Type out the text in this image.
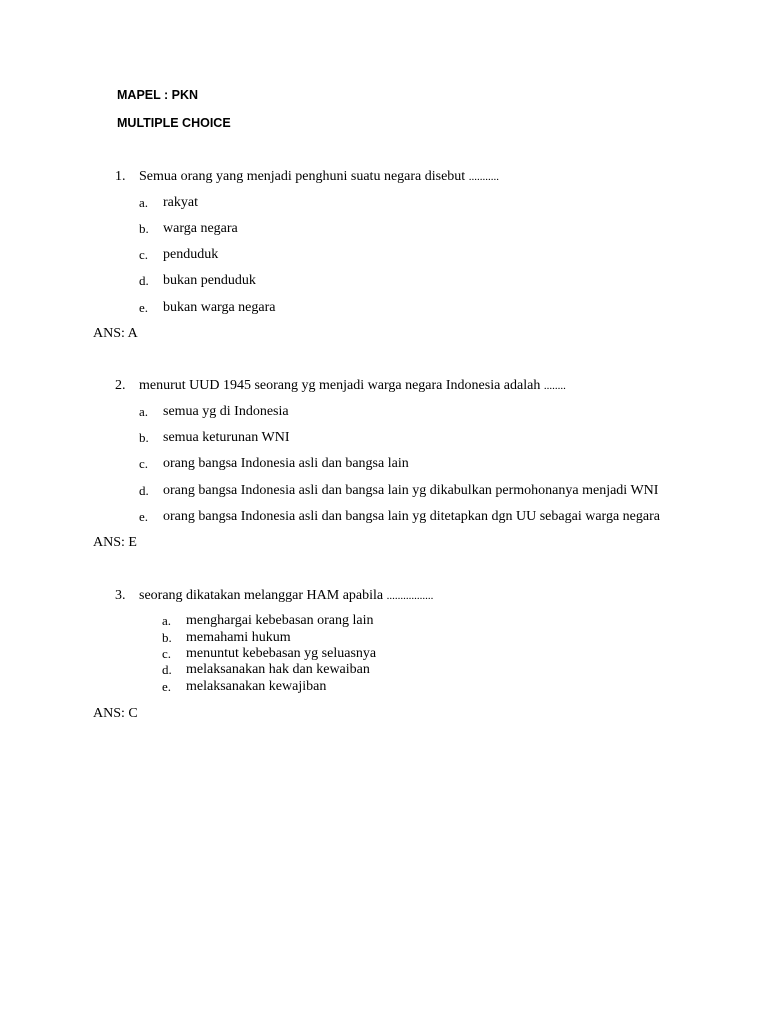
MAPEL : PKN
MULTIPLE CHOICE
1. Semua orang yang menjadi penghuni suatu negara disebut ...........
a. rakyat
b. warga negara
c. penduduk
d. bukan penduduk
e. bukan warga negara
ANS: A
2. menurut UUD 1945 seorang yg menjadi warga negara Indonesia adalah ........
a. semua yg di Indonesia
b. semua keturunan WNI
c. orang bangsa Indonesia asli dan bangsa lain
d. orang bangsa Indonesia asli dan bangsa lain yg dikabulkan permohonanya menjadi WNI
e. orang bangsa Indonesia asli dan bangsa lain yg ditetapkan dgn UU sebagai warga negara
ANS: E
3. seorang dikatakan melanggar HAM apabila .................
a. menghargai kebebasan orang lain
b. memahami hukum
c. menuntut kebebasan yg seluasnya
d. melaksanakan hak dan kewaiban
e. melaksanakan kewajiban
ANS: C
